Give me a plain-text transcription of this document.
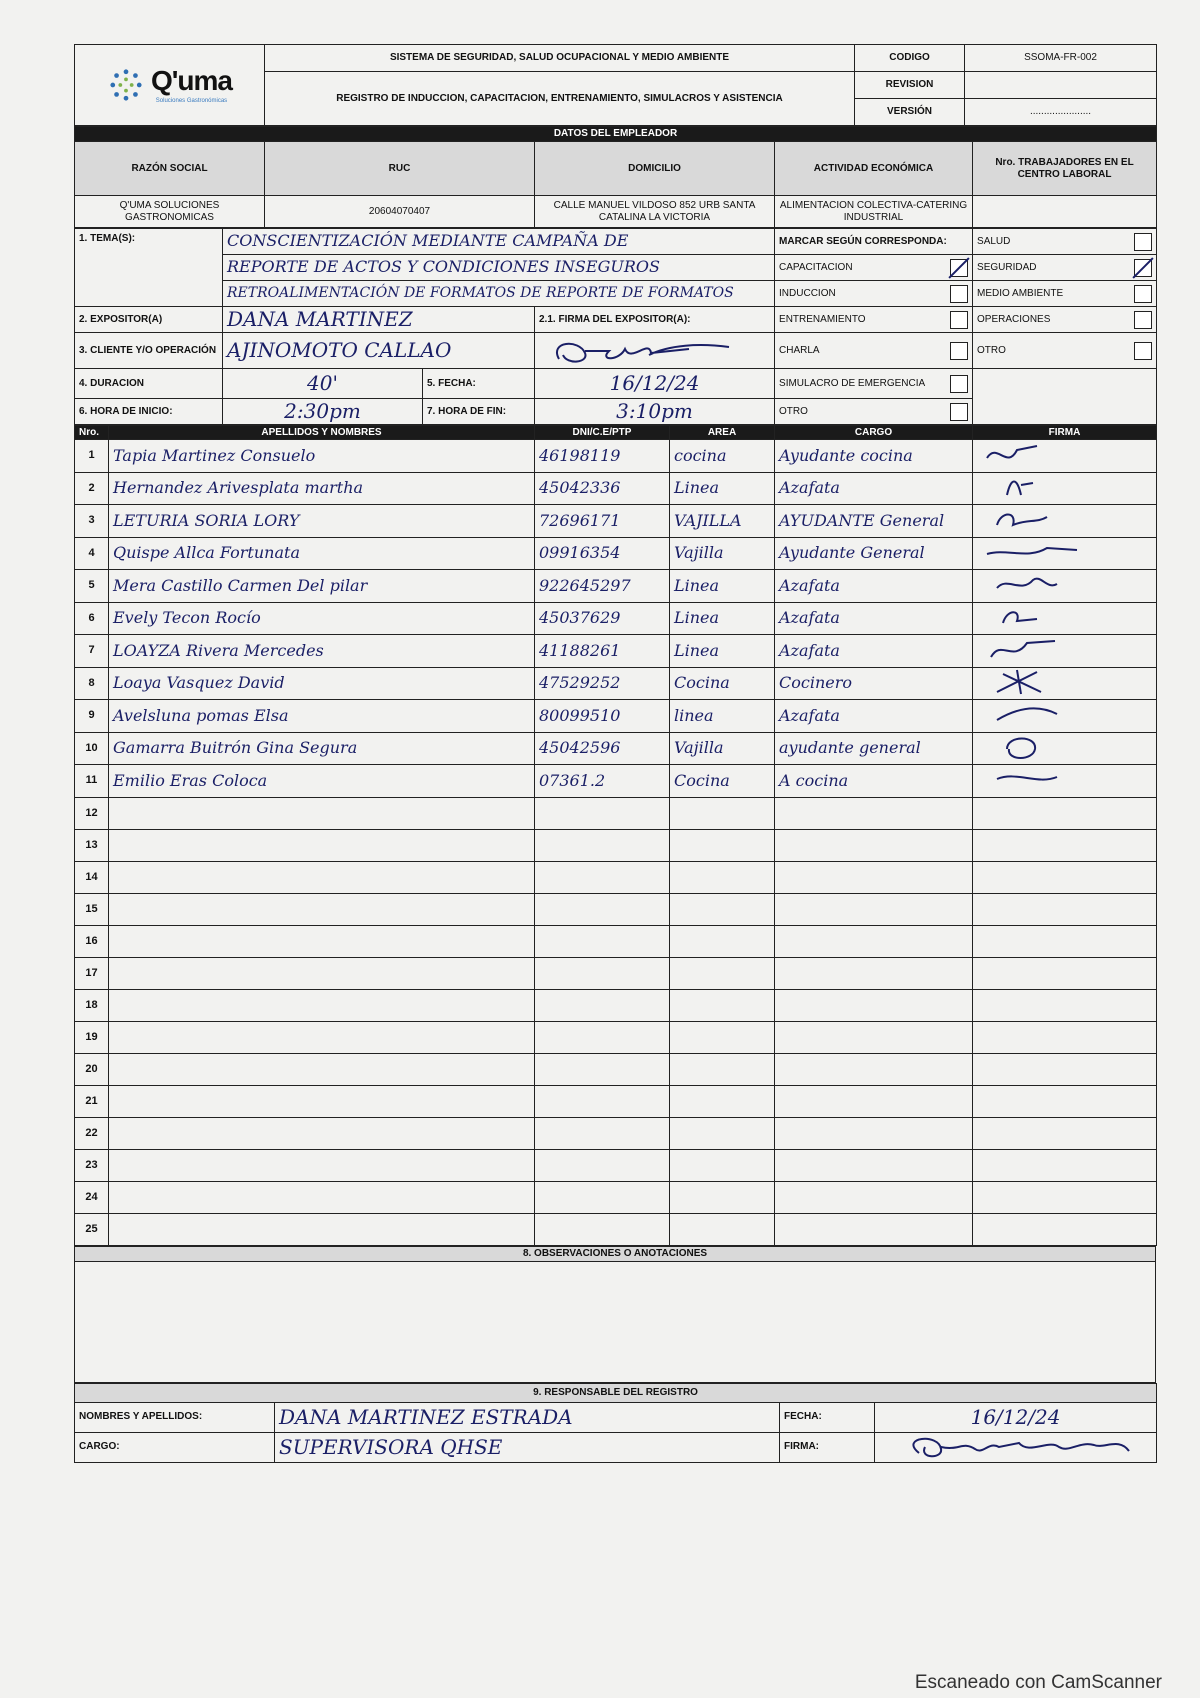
Q'uma
Soluciones Gastronómicas	SISTEMA DE SEGURIDAD, SALUD OCUPACIONAL Y MEDIO AMBIENTE	CODIGO	SSOMA-FR-002
	REGISTRO DE INDUCCION, CAPACITACION, ENTRENAMIENTO, SIMULACROS Y ASISTENCIA	REVISION	
		VERSIÓN	......................
DATOS DEL EMPLEADOR				
RAZÓN SOCIAL	RUC	DOMICILIO	ACTIVIDAD ECONÓMICA	Nro. TRABAJADORES EN EL CENTRO LABORAL
Q'UMA SOLUCIONES GASTRONOMICAS	20604070407	CALLE MANUEL VILDOSO 852 URB SANTA CATALINA LA VICTORIA	ALIMENTACION COLECTIVA-CATERING INDUSTRIAL	
1. TEMA(S):	CONSCIENTIZACIÓN MEDIANTE CAMPAÑA DE			MARCAR SEGÚN CORRESPONDA:	SALUD

	REPORTE DE ACTOS Y CONDICIONES INSEGUROS			CAPACITACION	SEGURIDAD

	RETROALIMENTACIÓN DE FORMATOS DE REPORTE DE FORMATOS			INDUCCION	MEDIO AMBIENTE

2. EXPOSITOR(A)	DANA MARTINEZ		2.1. FIRMA DEL EXPOSITOR(A):	ENTRENAMIENTO	OPERACIONES

3. CLIENTE Y/O OPERACIÓN	AJINOMOTO CALLAO			CHARLA	OTRO

4. DURACION	40'	5. FECHA:	16/12/24	SIMULACRO DE EMERGENCIA	

6. HORA DE INICIO:	2:30pm	7. HORA DE FIN:	3:10pm	OTRO	
Nro.	APELLIDOS Y NOMBRES	DNI/C.E/PTP	AREA	CARGO	FIRMA
1	Tapia Martinez Consuelo	46198119	cocina	Ayudante cocina	
2	Hernandez Arivesplata martha	45042336	Linea	Azafata	
3	LETURIA SORIA LORY	72696171	VAJILLA	AYUDANTE General	
4	Quispe Allca Fortunata	09916354	Vajilla	Ayudante General	
5	Mera Castillo Carmen Del pilar	922645297	Linea	Azafata	
6	Evely Tecon Rocío	45037629	Linea	Azafata	
7	LOAYZA Rivera Mercedes	41188261	Linea	Azafata	
8	Loaya Vasquez David	47529252	Cocina	Cocinero	
9	Avelsluna pomas Elsa	80099510	linea	Azafata	
10	Gamarra Buitrón Gina Segura	45042596	Vajilla	ayudante general	
11	Emilio Eras Coloca	07361.2	Cocina	A cocina	
12					
13					
14					
15					
16					
17					
18					
19					
20					
21					
22					
23					
24					
25					
8. OBSERVACIONES O ANOTACIONES

9. RESPONSABLE DEL REGISTRO			
NOMBRES Y APELLIDOS:	DANA MARTINEZ ESTRADA	FECHA:	16/12/24
CARGO:	SUPERVISORA QHSE	FIRMA:	
Escaneado con CamScanner
